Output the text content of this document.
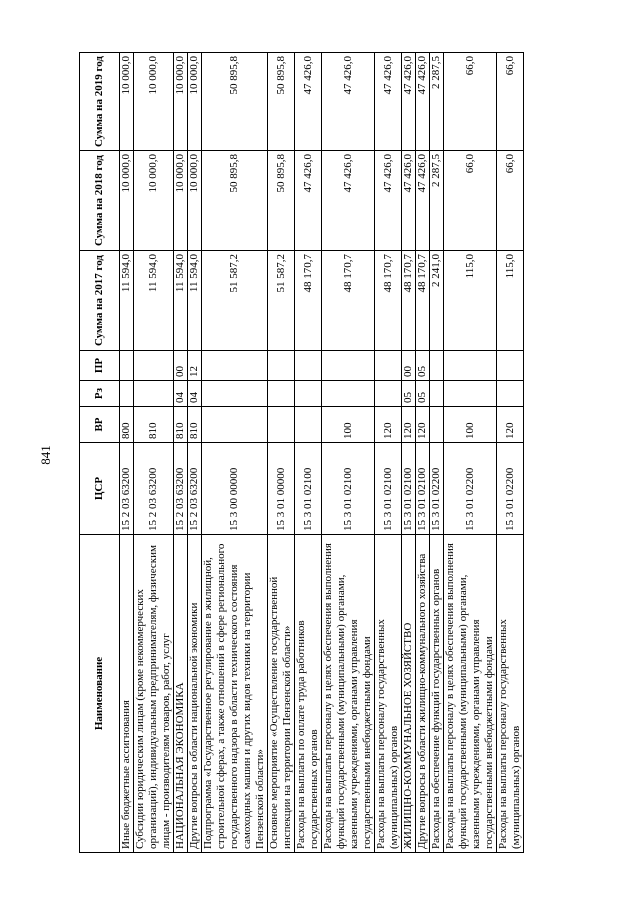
841
Наименование	ЦСР	ВР	Рз	ПР	Сумма на 2017 год	Сумма на 2018 год	Сумма на 2019 год
Иные бюджетные ассигнования	15 2 03 63200	800			11 594,0	10 000,0	10 000,0
Субсидии юридическим лицам (кроме некоммерческих организаций), индивидуальным предпринимателям, физическим лицам - производителям товаров, работ, услуг	15 2 03 63200	810			11 594,0	10 000,0	10 000,0
НАЦИОНАЛЬНАЯ ЭКОНОМИКА	15 2 03 63200	810	04	00	11 594,0	10 000,0	10 000,0
Другие вопросы в области национальной экономики	15 2 03 63200	810	04	12	11 594,0	10 000,0	10 000,0
Подпрограмма «Государственное регулирование в жилищной, строительной сферах, а также отношений в сфере регионального государственного надзора в области технического состояния самоходных машин и других видов техники на территории Пензенской области»	15 3 00 00000				51 587,2	50 895,8	50 895,8
Основное мероприятие «Осуществление государственной инспекции на территории Пензенской области»	15 3 01 00000				51 587,2	50 895,8	50 895,8
Расходы на выплаты по оплате труда работников государственных органов	15 3 01 02100				48 170,7	47 426,0	47 426,0
Расходы на выплаты персоналу в целях обеспечения выполнения функций государственными (муниципальными) органами, казенными учреждениями, органами управления государственными внебюджетными фондами	15 3 01 02100	100			48 170,7	47 426,0	47 426,0
Расходы на выплаты персоналу государственных (муниципальных) органов	15 3 01 02100	120			48 170,7	47 426,0	47 426,0
ЖИЛИЩНО-КОММУНАЛЬНОЕ ХОЗЯЙСТВО	15 3 01 02100	120	05	00	48 170,7	47 426,0	47 426,0
Другие вопросы в области жилищно-коммунального хозяйства	15 3 01 02100	120	05	05	48 170,7	47 426,0	47 426,0
Расходы на обеспечение функций государственных органов	15 3 01 02200				2 241,0	2 287,5	2 287,5
Расходы на выплаты персоналу в целях обеспечения выполнения функций государственными (муниципальными) органами, казенными учреждениями, органами управления государственными внебюджетными фондами	15 3 01 02200	100			115,0	66,0	66,0
Расходы на выплаты персоналу государственных (муниципальных) органов	15 3 01 02200	120			115,0	66,0	66,0
